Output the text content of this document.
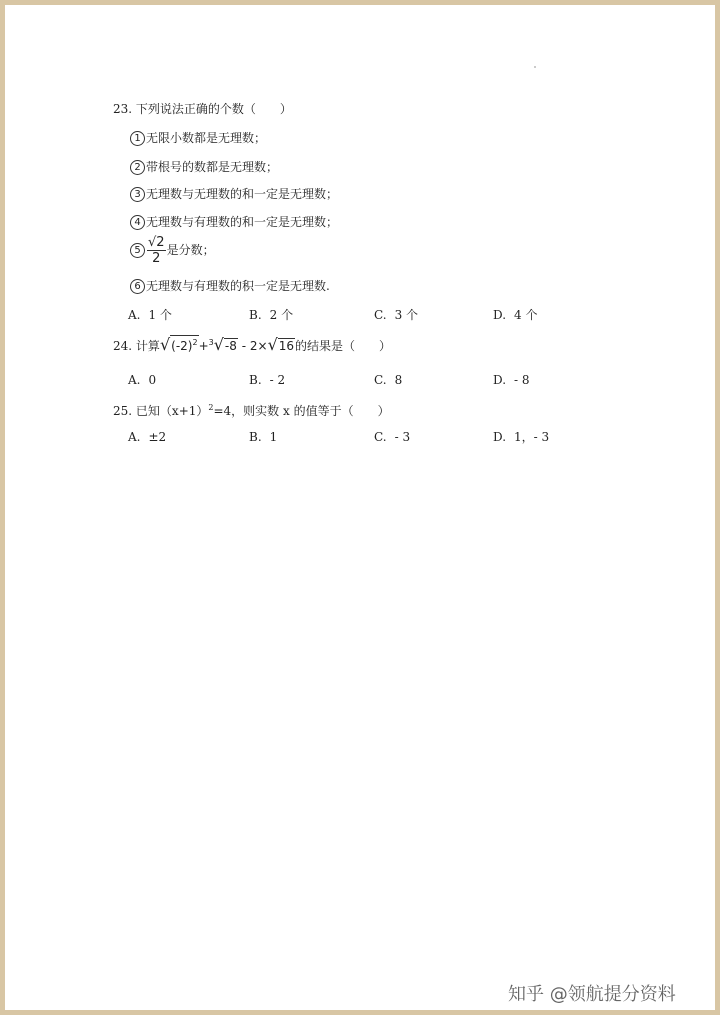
23. 下列说法正确的个数（　　）
1 无限小数都是无理数；
2 带根号的数都是无理数；
3 无理数与无理数的和一定是无理数；
4 无理数与有理数的和一定是无理数；
$5 \frac{√2}{2}$ 是分数；
6 无理数与有理数的积一定是无理数.
A. 1 个	B. 2 个	C. 3 个	D. 4 个
24. 计算$√(-2)^2+^3√-8 - 2\times√16$的结果是（　　）
A. 0	B. - 2	C. 8	D. - 8
25. 已知$(x+1)^2=4$，则实数 x 的值等于（　　）
A. ±2	B. 1	C. - 3	D. 1，- 3
知乎 @领航提分资料
